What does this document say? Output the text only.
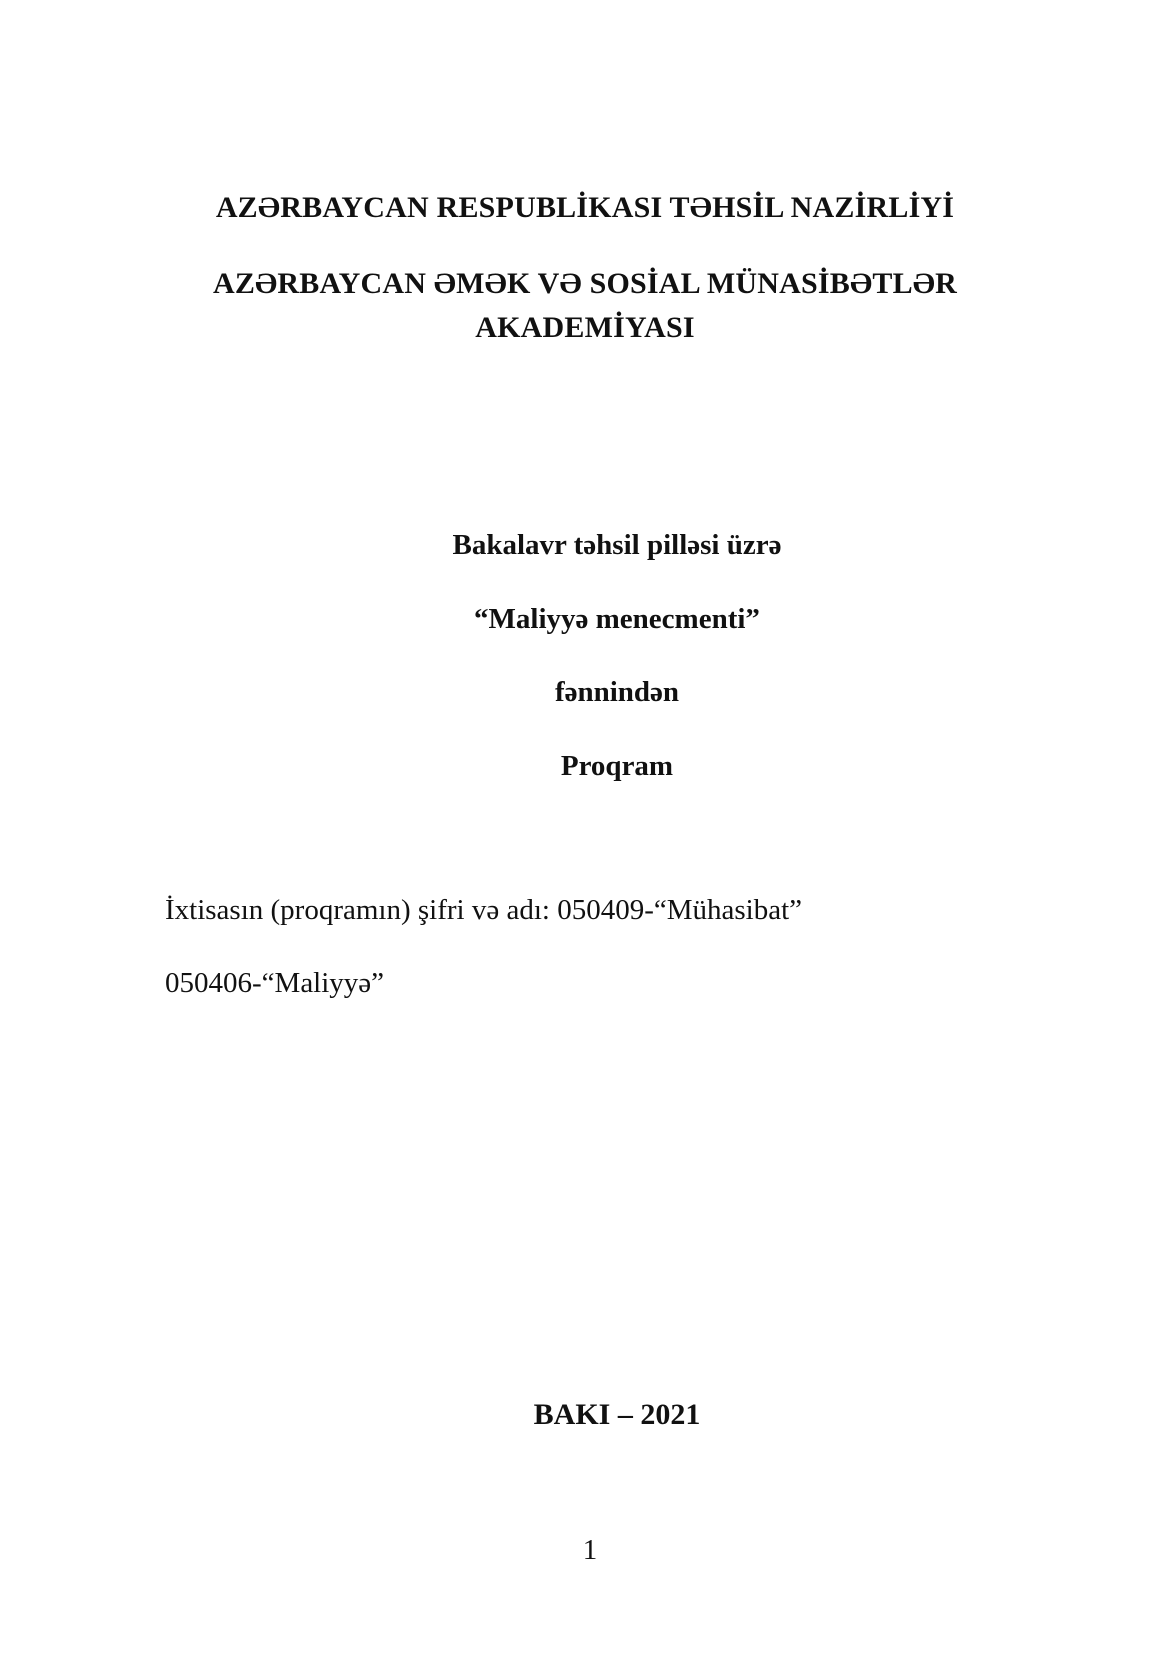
AZƏRBAYCAN RESPUBLİKASI TƏHSİL NAZİRLİYİ
AZƏRBAYCAN ƏMƏK VƏ SOSİAL MÜNASİBƏTLƏR
AKADEMİYASI
Bakalavr təhsil pilləsi üzrə
“Maliyyə menecmenti”
fənnindən
Proqram
İxtisasın (proqramın) şifri və adı: 050409-“Mühasibat”
050406-“Maliyyə”
BAKI – 2021
1
